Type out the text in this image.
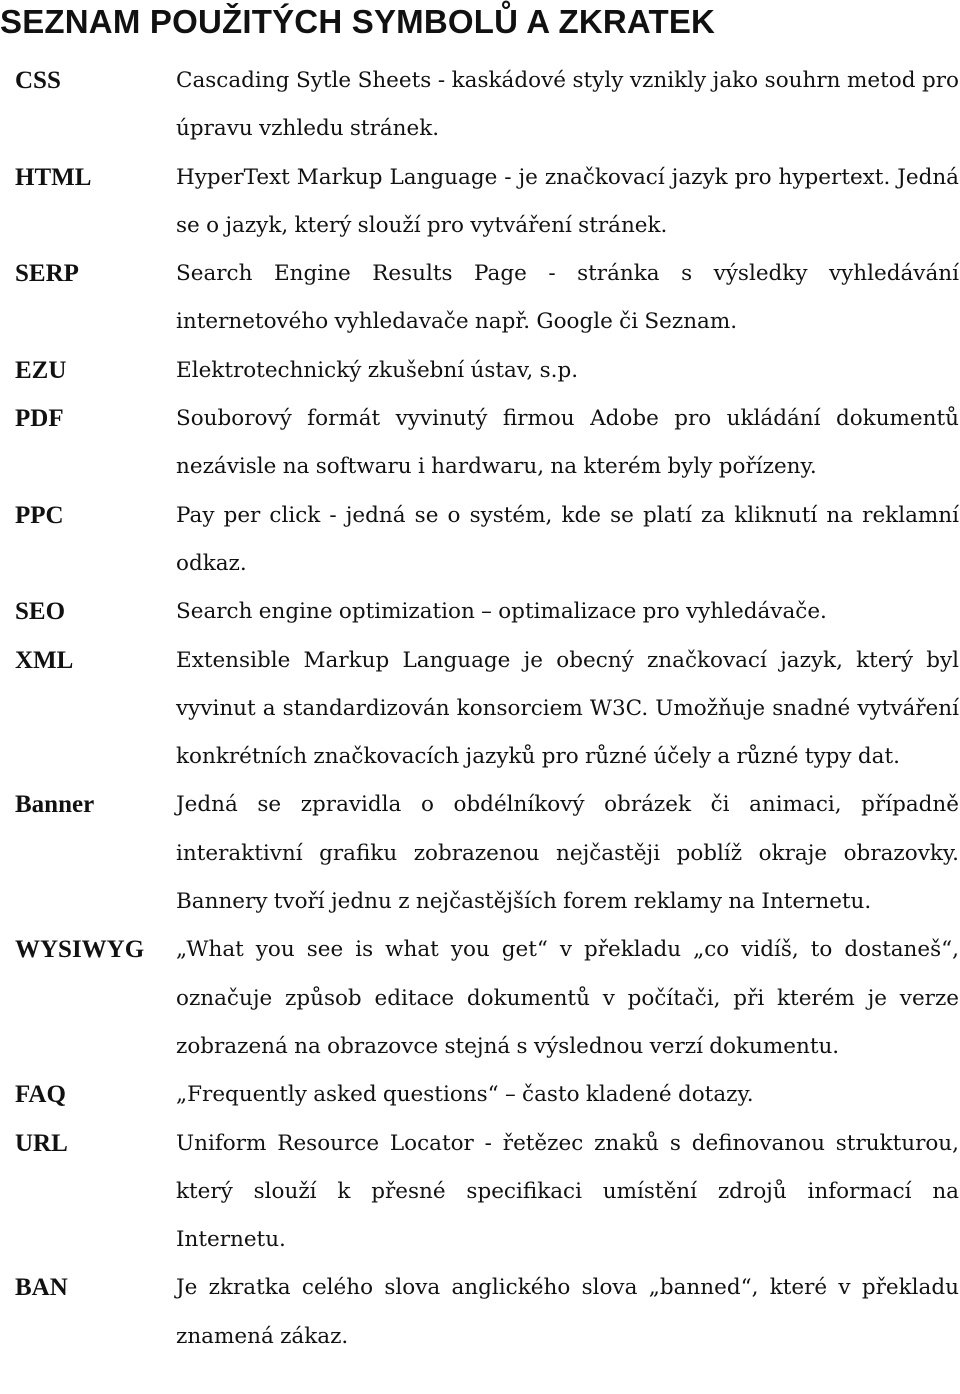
SEZNAM POUŽITÝCH SYMBOLŮ A ZKRATEK
CSS	Cascading Sytle Sheets - kaskádové styly vznikly jako souhrn metod pro úpravu vzhledu stránek.

HTML	HyperText Markup Language - je značkovací jazyk pro hypertext. Jedná se o jazyk, který slouží pro vytváření stránek.

SERP	Search Engine Results Page - stránka s výsledky vyhledávání internetového vyhledavače např. Google či Seznam.

EZU	Elektrotechnický zkušební ústav, s.p.

PDF	Souborový formát vyvinutý firmou Adobe pro ukládání dokumentů nezávisle na softwaru i hardwaru, na kterém byly pořízeny.

PPC	Pay per click - jedná se o systém, kde se platí za kliknutí na reklamní odkaz.

SEO	Search engine optimization – optimalizace pro vyhledávače.

XML	Extensible Markup Language je obecný značkovací jazyk, který byl vyvinut a standardizován konsorciem W3C. Umožňuje snadné vytváření konkrétních značkovacích jazyků pro různé účely a různé typy dat.

Banner	Jedná se zpravidla o obdélníkový obrázek či animaci, případně interaktivní grafiku zobrazenou nejčastěji poblíž okraje obrazovky. Bannery tvoří jednu z nejčastějších forem reklamy na Internetu.

WYSIWYG	„What you see is what you get“ v překladu „co vidíš, to dostaneš“, označuje způsob editace dokumentů v počítači, při kterém je verze zobrazená na obrazovce stejná s výslednou verzí dokumentu.

FAQ	„Frequently asked questions“ – často kladené dotazy.

URL	Uniform Resource Locator - řetězec znaků s definovanou strukturou, který slouží k přesné specifikaci umístění zdrojů informací na Internetu.

BAN	Je zkratka celého slova anglického slova „banned“, které v překladu znamená zákaz.
